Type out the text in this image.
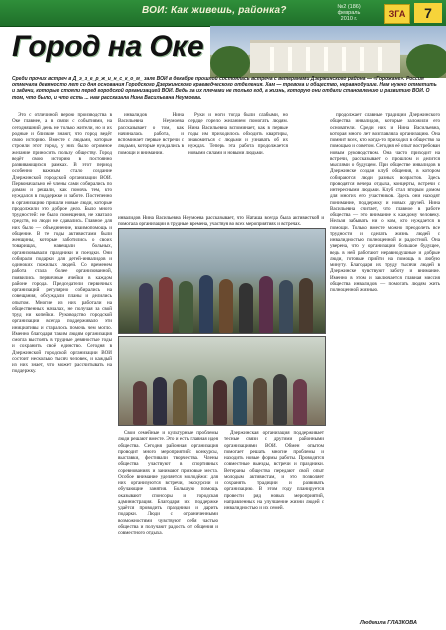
ВОИ: Как живешь, районка?	№2 (186)
февраль 2010 г.	ЗГА	7
Город на Оке
Среди прочих встреч в Д_э_з_е_р_ж_и_н_с_к_о_м_ зале ВОИ в декабре прошлой состоялась встреча с ветеранами Дзержинского района — «Горожане». Россия отмечала девяносто лет со дня основания Городского Дзержинского краеведческого отделения. Хам — тревога и общество, неравнодушие. Нам нужно отметить и задачи, которые стояли перед городской организацией ВОИ. Ведь за их плечами не только год, а жизнь, которую они отдали становлению и развитию ВОИ. О том, что было, и что есть ... нам рассказала Нина Васильевна Неумоева.

Это с отличиной верою производства в Оке главнее, а в связи с событиями, на сегодняшний день не только жители, но и их родные и близкие знают, что город ведёт свою историю. Вместе с людьми, которые строили этот город, у них было огромное желание приносить пользу обществу. Город ведёт свою историю в постоянно развивающихся рамках. В этот период особенно важным стало создание Дзержинской городской организации ВОИ. Первоначально её члены сами собирались по домам и решали, как помочь тем, кто нуждался в поддержке и заботе. Постепенно в организацию пришли новые люди, которые продолжили это доброе дело. Было много трудностей: не было помещения, не хватало средств, но люди не сдавались. Главное для них было — объединение, взаимопомощь и общение. В те годы активистами были женщины, которые заботились о своих товарищах, навещали больных, организовывали праздники и поездки. Они собирали подарки для детей-инвалидов и одиноких пожилых людей. Со временем работа стала более организованной, появились первичные ячейки в каждом районе города. Председатели первичных организаций регулярно собирались на совещания, обсуждали планы и делились опытом. Многие из них работали на общественных началах, не получая за свой труд ни копейки. Руководство городской организации всегда поддерживало эти инициативы и старалось помочь чем могло. Именно благодаря таким людям организация смогла выстоять в трудные девяностые годы и сохранить своё единство. Сегодня в Дзержинской городской организации ВОИ состоит несколько тысяч человек, и каждый из них знает, что может рассчитывать на поддержку.

инвалидов Нина Васильевна Неумоева рассказывает о том, как начиналась работа, и вспоминает первые встречи с людьми, которые нуждались в помощи и внимании.

Руки и ноги тогда были слабыми, но сердце горело желанием помогать людям. Нина Васильевна вспоминает, как в первые годы им приходилось обходить квартиры, знакомиться с людьми и узнавать об их нуждах. Теперь эта работа продолжается новыми силами и новыми людьми.

инвалидов Нина Васильевна Неумоева рассказывает, что Наташа всегда была активисткой и помогала организации в трудные времена, участвуя во всех мероприятиях и встречах.

Свои семейные и культурные проблемы люди решают вместе. Это и есть главная идея общества. Сегодня районная организация проводит много мероприятий: конкурсы, выставки, фестивали творчества. Члены общества участвуют в спортивных соревнованиях и занимают призовые места. Особое внимание уделяется молодёжи: для них организуются встречи, экскурсии и обучающие занятия. Большую помощь оказывают спонсоры и городская администрация. Благодаря их поддержке удаётся проводить праздники и дарить подарки. Люди с ограниченными возможностями чувствуют себя частью общества и получают радость от общения и совместного отдыха.

Дзержинская организация поддерживает тесные связи с другими районными организациями ВОИ. Обмен опытом помогает решать многие проблемы и находить новые формы работы. Проводятся совместные выезды, встречи и праздники. Ветераны общества передают свой опыт молодым активистам, и это позволяет сохранять традиции и развивать организацию. В этом году планируется провести ряд новых мероприятий, направленных на улучшение жизни людей с инвалидностью и их семей.

продолжает славные традиции Дзержинского общества инвалидов, которые заложили его основатели. Среди них и Нина Васильевна, которая много лет возглавляла организацию. Она помнит всех, кто когда-то приходил в общество за помощью и советом. Сегодня её опыт востребован новым руководством. Она часто приходит на встречи, рассказывает о прошлом и делится мыслями о будущем. При обществе инвалидов в Дзержинске создан клуб общения, в котором собираются люди разных возрастов. Здесь проводятся вечера отдыха, концерты, встречи с интересными людьми. Клуб стал вторым домом для многих его участников. Здесь они находят понимание, поддержку и новых друзей. Нина Васильевна считает, что главное в работе общества — это внимание к каждому человеку. Нельзя забывать ни о ком, кто нуждается в помощи. Только вместе можно преодолеть все трудности и сделать жизнь людей с инвалидностью полноценной и радостной. Она уверена, что у организации большое будущее, ведь в ней работают неравнодушные и добрые люди, готовые прийти на помощь в любую минуту. Благодаря их труду тысячи людей в Дзержинске чувствуют заботу и внимание. Именно в этом и заключается главная миссия общества инвалидов — помогать людям жить полноценной жизнью.

Людмила ГЛАЗКОВА
